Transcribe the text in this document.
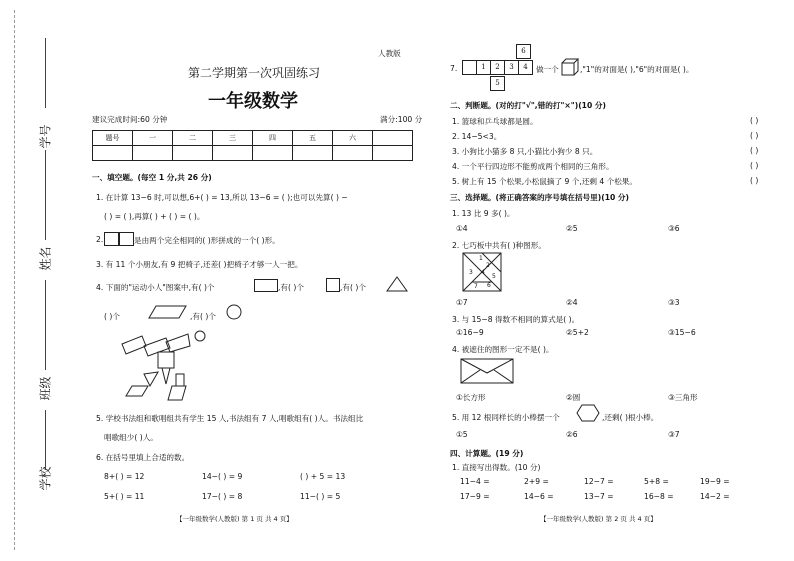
学校
班级
姓名
学号
人教版
第二学期第一次巩固练习
一年级数学
建议完成时间:60 分钟	满分:100 分
题号	一	二	三	四	五	六	

一、填空题。(每空 1 分,共 26 分)
1. 在计算 13−6 时,可以想,6+( ) = 13,所以 13−6 = ( );也可以先算( ) −
( ) = ( ),再算( ) + ( ) = ( )。
2.	是由两个完全相同的( )形拼成的一个( )形。
3. 有 11 个小朋友,有 9 把椅子,还差( )把椅子才够一人一把。
4. 下面的"运动小人"图案中,有( )个	,有( )个	,有( )个
( )个	,有( )个
5. 学校书法组和歌唱组共有学生 15 人,书法组有 7 人,唱歌组有( )人。书法组比
唱歌组少( )人。
6. 在括号里填上合适的数。
8+( ) = 12	14−( ) = 9	( ) + 5 = 13
5+( ) = 11	17−( ) = 8	11−( ) = 5
【一年级数学(人教版) 第 1 页 共 4 页】
7.
6
1	2	3	4
5
做一个	,"1"的对面是( ),"6"的对面是( )。
二、判断题。(对的打"√",错的打"×")(10 分)
1. 篮球和乒乓球都是圆。
2. 14−5<3。
3. 小狗比小猫多 8 只,小猫比小狗少 8 只。
4. 一个平行四边形不能剪成两个相同的三角形。
5. 树上有 15 个松果,小松鼠摘了 9 个,还剩 4 个松果。
( )
( )
( )
( )
( )
三、选择题。(将正确答案的序号填在括号里)(10 分)
1. 13 比 9 多( )。
①4	②5	③6
2. 七巧板中共有( )种图形。
1
2
3 4
5
6
7
①7	②4	③3
3. 与 15−8 得数不相同的算式是( )。
①16−9	②5+2	③15−6
4. 被遮住的图形一定不是( )。
①长方形	②圆	③三角形
5. 用 12 根同样长的小棒摆一个	,还剩( )根小棒。
①5	②6	③7
四、计算题。(19 分)
1. 直接写出得数。(10 分)
11−4 =	2+9 =	12−7 =	5+8 =	19−9 =
17−9 =	14−6 =	13−7 =	16−8 =	14−2 =
【一年级数学(人教版) 第 2 页 共 4 页】
